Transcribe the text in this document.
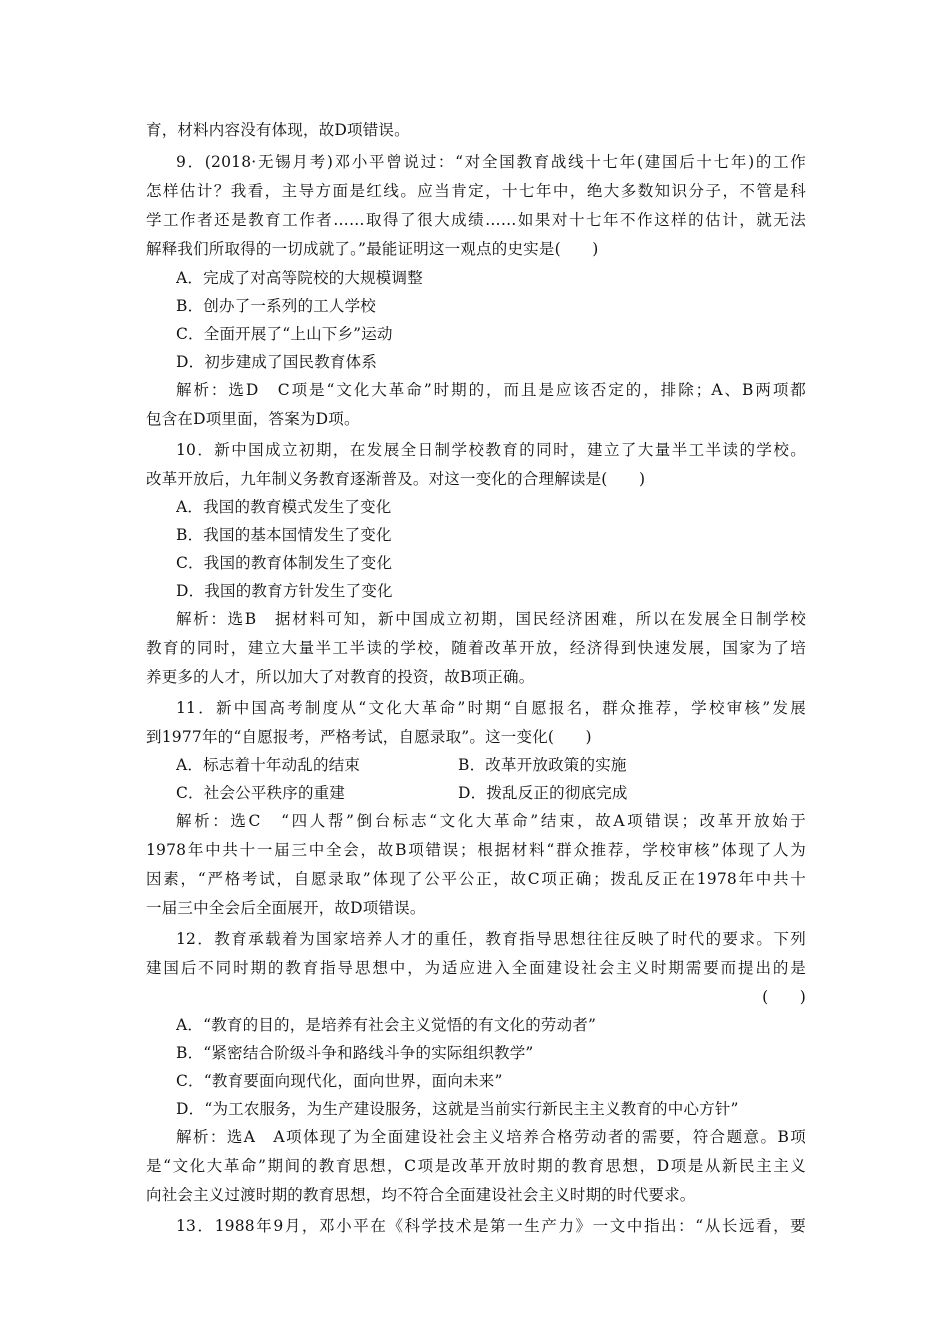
育，材料内容没有体现，故D项错误。
9．(2018·无锡月考)邓小平曾说过：“对全国教育战线十七年(建国后十七年)的工作
怎样估计？我看，主导方面是红线。应当肯定，十七年中，绝大多数知识分子，不管是科
学工作者还是教育工作者……取得了很大成绩……如果对十七年不作这样的估计，就无法
解释我们所取得的一切成就了。”最能证明这一观点的史实是(　　)
A．完成了对高等院校的大规模调整
B．创办了一系列的工人学校
C．全面开展了“上山下乡”运动
D．初步建成了国民教育体系
解析：选D　C项是“文化大革命”时期的，而且是应该否定的，排除；A、B两项都
包含在D项里面，答案为D项。
10．新中国成立初期，在发展全日制学校教育的同时，建立了大量半工半读的学校。
改革开放后，九年制义务教育逐渐普及。对这一变化的合理解读是(　　)
A．我国的教育模式发生了变化
B．我国的基本国情发生了变化
C．我国的教育体制发生了变化
D．我国的教育方针发生了变化
解析：选B　据材料可知，新中国成立初期，国民经济困难，所以在发展全日制学校
教育的同时，建立大量半工半读的学校，随着改革开放，经济得到快速发展，国家为了培
养更多的人才，所以加大了对教育的投资，故B项正确。
11．新中国高考制度从“文化大革命”时期“自愿报名，群众推荐，学校审核”发展
到1977年的“自愿报考，严格考试，自愿录取”。这一变化(　　)
A．标志着十年动乱的结束	B．改革开放政策的实施
C．社会公平秩序的重建	D．拨乱反正的彻底完成
解析：选C　“四人帮”倒台标志“文化大革命”结束，故A项错误；改革开放始于
1978年中共十一届三中全会，故B项错误；根据材料“群众推荐，学校审核”体现了人为
因素，“严格考试，自愿录取”体现了公平公正，故C项正确；拨乱反正在1978年中共十
一届三中全会后全面展开，故D项错误。
12．教育承载着为国家培养人才的重任，教育指导思想往往反映了时代的要求。下列
建国后不同时期的教育指导思想中，为适应进入全面建设社会主义时期需要而提出的是
(　　)
A．“教育的目的，是培养有社会主义觉悟的有文化的劳动者”
B．“紧密结合阶级斗争和路线斗争的实际组织教学”
C．“教育要面向现代化，面向世界，面向未来”
D．“为工农服务，为生产建设服务，这就是当前实行新民主主义教育的中心方针”
解析：选A　A项体现了为全面建设社会主义培养合格劳动者的需要，符合题意。B项
是“文化大革命”期间的教育思想，C项是改革开放时期的教育思想，D项是从新民主主义
向社会主义过渡时期的教育思想，均不符合全面建设社会主义时期的时代要求。
13．1988年9月，邓小平在《科学技术是第一生产力》一文中指出：“从长远看，要
